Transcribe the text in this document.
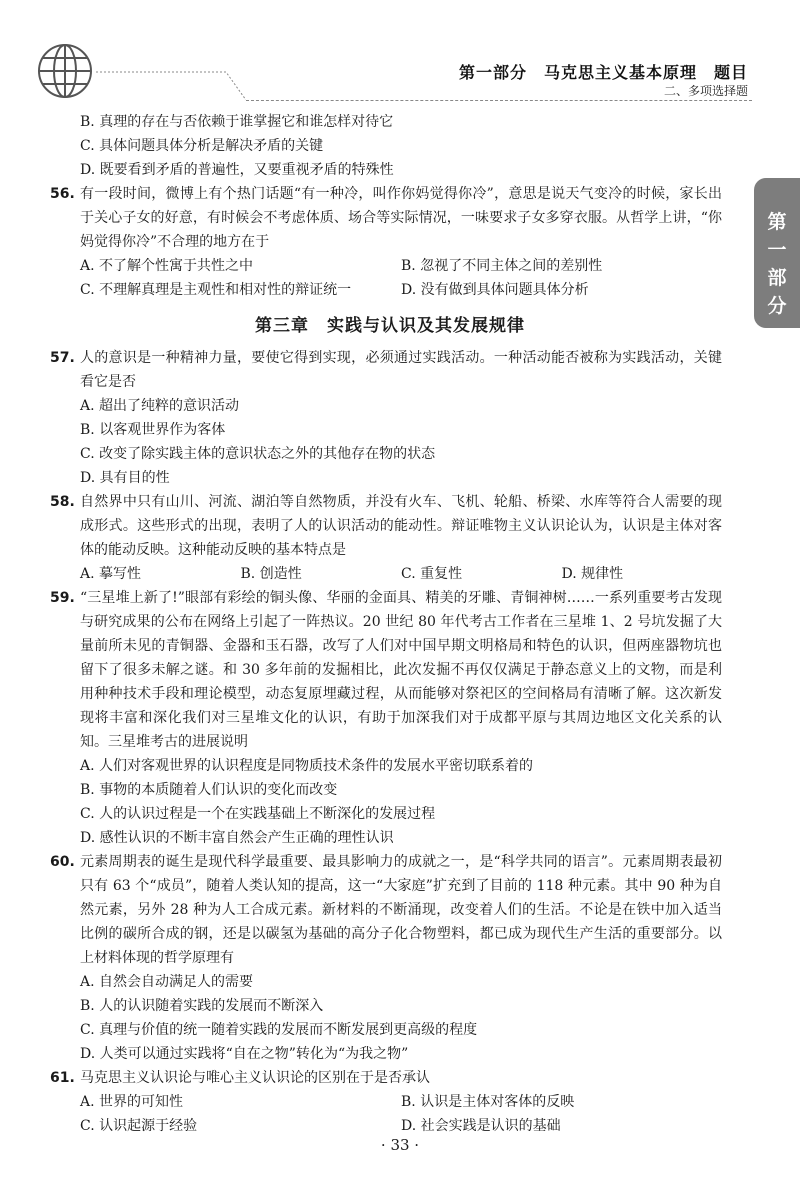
第一部分　马克思主义基本原理　题目
二、多项选择题
第
一
部
分
B. 真理的存在与否依赖于谁掌握它和谁怎样对待它
C. 具体问题具体分析是解决矛盾的关键
D. 既要看到矛盾的普遍性，又要重视矛盾的特殊性
56. 有一段时间，微博上有个热门话题“有一种冷，叫作你妈觉得你冷”，意思是说天气变冷的时候，家长出于关心子女的好意，有时候会不考虑体质、场合等实际情况，一味要求子女多穿衣服。从哲学上讲，“你妈觉得你冷”不合理的地方在于
A. 不了解个性寓于共性之中	B. 忽视了不同主体之间的差别性
C. 不理解真理是主观性和相对性的辩证统一	D. 没有做到具体问题具体分析
第三章　实践与认识及其发展规律
57. 人的意识是一种精神力量，要使它得到实现，必须通过实践活动。一种活动能否被称为实践活动，关键看它是否
A. 超出了纯粹的意识活动
B. 以客观世界作为客体
C. 改变了除实践主体的意识状态之外的其他存在物的状态
D. 具有目的性
58. 自然界中只有山川、河流、湖泊等自然物质，并没有火车、飞机、轮船、桥梁、水库等符合人需要的现成形式。这些形式的出现，表明了人的认识活动的能动性。辩证唯物主义认识论认为，认识是主体对客体的能动反映。这种能动反映的基本特点是
A. 摹写性	B. 创造性	C. 重复性	D. 规律性
59. “三星堆上新了!”眼部有彩绘的铜头像、华丽的金面具、精美的牙雕、青铜神树……一系列重要考古发现与研究成果的公布在网络上引起了一阵热议。20 世纪 80 年代考古工作者在三星堆 1、2 号坑发掘了大量前所未见的青铜器、金器和玉石器，改写了人们对中国早期文明格局和特色的认识，但两座器物坑也留下了很多未解之谜。和 30 多年前的发掘相比，此次发掘不再仅仅满足于静态意义上的文物，而是利用种种技术手段和理论模型，动态复原埋藏过程，从而能够对祭祀区的空间格局有清晰了解。这次新发现将丰富和深化我们对三星堆文化的认识，有助于加深我们对于成都平原与其周边地区文化关系的认知。三星堆考古的进展说明
A. 人们对客观世界的认识程度是同物质技术条件的发展水平密切联系着的
B. 事物的本质随着人们认识的变化而改变
C. 人的认识过程是一个在实践基础上不断深化的发展过程
D. 感性认识的不断丰富自然会产生正确的理性认识
60. 元素周期表的诞生是现代科学最重要、最具影响力的成就之一，是“科学共同的语言”。元素周期表最初只有 63 个“成员”，随着人类认知的提高，这一“大家庭”扩充到了目前的 118 种元素。其中 90 种为自然元素，另外 28 种为人工合成元素。新材料的不断涌现，改变着人们的生活。不论是在铁中加入适当比例的碳所合成的钢，还是以碳氢为基础的高分子化合物塑料，都已成为现代生产生活的重要部分。以上材料体现的哲学原理有
A. 自然会自动满足人的需要
B. 人的认识随着实践的发展而不断深入
C. 真理与价值的统一随着实践的发展而不断发展到更高级的程度
D. 人类可以通过实践将“自在之物”转化为“为我之物”
61. 马克思主义认识论与唯心主义认识论的区别在于是否承认
A. 世界的可知性	B. 认识是主体对客体的反映
C. 认识起源于经验	D. 社会实践是认识的基础
· 33 ·
